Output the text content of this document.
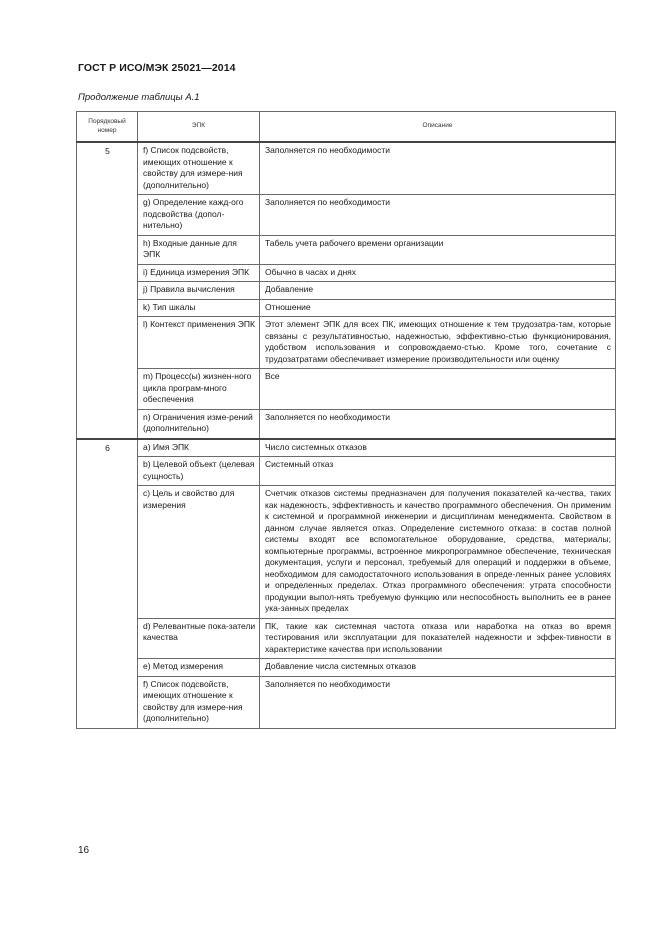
ГОСТ Р ИСО/МЭК 25021—2014
Продолжение таблицы А.1
Порядковый номер	ЭПК	Описание
5	f) Список подсвойств, имеющих отношение к свойству для измере-ния (дополнительно)	Заполняется по необходимости
	g) Определение кажд-ого подсвойства (допол-нительно)	Заполняется по необходимости
	h) Входные данные для ЭПК	Табель учета рабочего времени организации
	i) Единица измерения ЭПК	Обычно в часах и днях
	j) Правила вычисления	Добавление
	k) Тип шкалы	Отношение
	l) Контекст применения ЭПК	Этот элемент ЭПК для всех ПК, имеющих отношение к тем трудозатра-там, которые связаны с результативностью, надежностью, эффективно-стью функционирования, удобством использования и сопровождаемо-стью. Кроме того, сочетание с трудозатратами обеспечивает измерение производительности или оценку
	m) Процесс(ы) жизнен-ного цикла програм-много обеспечения	Все
	n) Ограничения изме-рений (дополнительно)	Заполняется по необходимости
6	a) Имя ЭПК	Число системных отказов
	b) Целевой объект (целевая сущность)	Системный отказ
	c) Цель и свойство для измерения	Счетчик отказов системы предназначен для получения показателей ка-чества, таких как надежность, эффективность и качество программного обеспечения. Он применим к системной и программной инженерии и дисциплинам менеджмента. Свойством в данном случае является отказ. Определение системного отказа: в состав полной системы входят все вспомогательное оборудование, средства, материалы; компьютерные программы, встроенное микропрограммное обеспечение, техническая документация, услуги и персонал, требуемый для операций и поддержки в объеме, необходимом для самодостаточного использования в опреде-ленных ранее условиях и определенных пределах. Отказ программного обеспечения: утрата способности продукции выпол-нять требуемую функцию или неспособность выполнить ее в ранее ука-занных пределах
	d) Релевантные пока-затели качества	ПК, такие как системная частота отказа или наработка на отказ во время тестирования или эксплуатации для показателей надежности и эффек-тивности в характеристике качества при использовании
	e) Метод измерения	Добавление числа системных отказов
	f) Список подсвойств, имеющих отношение к свойству для измере-ния (дополнительно)	Заполняется по необходимости
16
